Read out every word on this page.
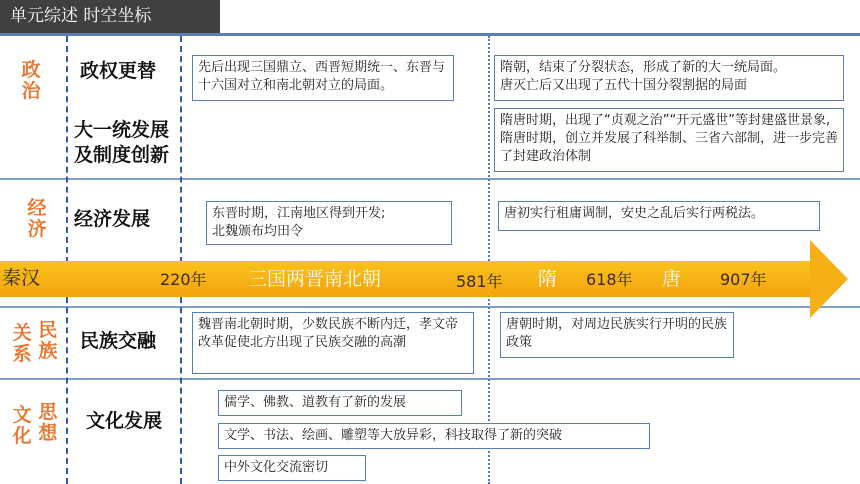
单元综述 时空坐标
政
治
经
济
关 民
系 族
文 思
化 想
政权更替
大一统发展
及制度创新
经济发展
民族交融
文化发展
先后出现三国鼎立、西晋短期统一、东晋与十六国对立和南北朝对立的局面。
隋朝，结束了分裂状态，形成了新的大一统局面。
唐灭亡后又出现了五代十国分裂割据的局面
隋唐时期，出现了“贞观之治”“开元盛世”等封建盛世景象, 隋唐时期，创立并发展了科举制、三省六部制，进一步完善了封建政治体制
东晋时期，江南地区得到开发;
北魏颁布均田令
唐初实行租庸调制，安史之乱后实行两税法。
秦汉	220年 三国两晋南北朝	581年 隋 618年 唐 907年
魏晋南北朝时期，少数民族不断内迁，孝文帝改革促使北方出现了民族交融的高潮
唐朝时期，对周边民族实行开明的民族政策
儒学、佛教、道教有了新的发展
文学、书法、绘画、雕塑等大放异彩，科技取得了新的突破
中外文化交流密切
